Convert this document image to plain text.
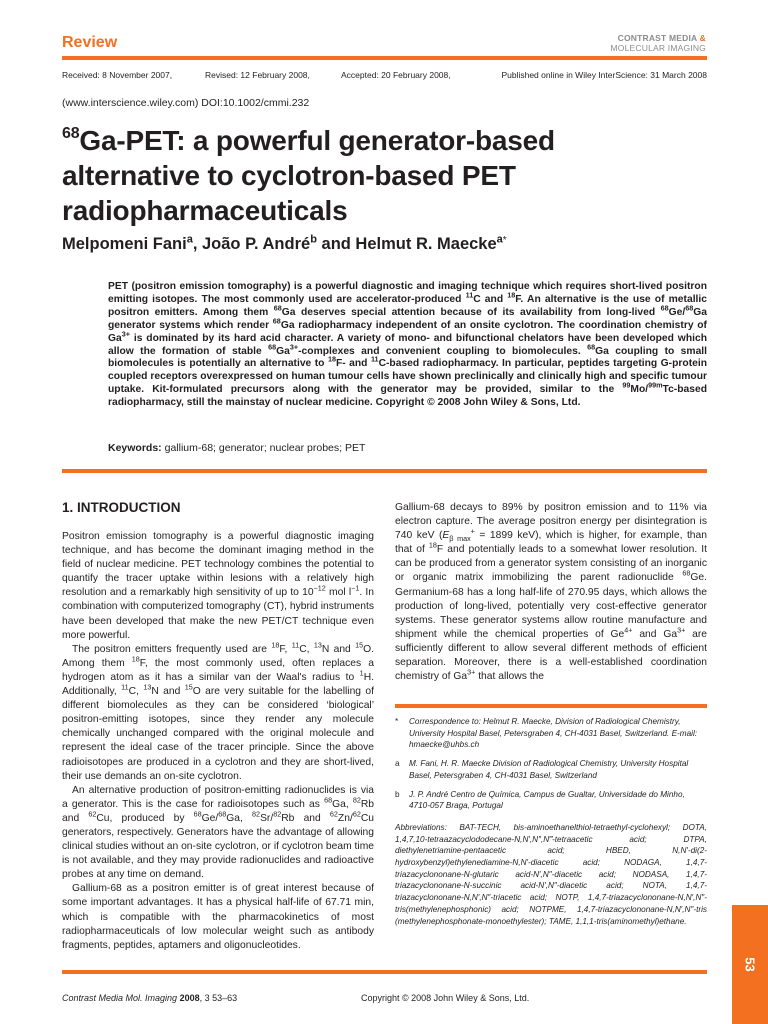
Review	CONTRAST MEDIA &
MOLECULAR IMAGING
Received: 8 November 2007,	Revised: 12 February 2008,	Accepted: 20 February 2008,	Published online in Wiley InterScience: 31 March 2008
(www.interscience.wiley.com) DOI:10.1002/cmmi.232
$^{68}$Ga-PET: a powerful generator-based alternative to cyclotron-based PET radiopharmaceuticals
Melpomeni Fani$^a$, João P. André$^b$ and Helmut R. Maecke$^{a*}$
PET (positron emission tomography) is a powerful diagnostic and imaging technique which requires short-lived positron emitting isotopes. The most commonly used are accelerator-produced $^{11}$C and $^{18}$F. An alternative is the use of metallic positron emitters. Among them $^{68}$Ga deserves special attention because of its availability from long-lived $^{68}$Ge/$^{68}$Ga generator systems which render $^{68}$Ga radiopharmacy independent of an onsite cyclotron. The coordination chemistry of $Ga^{3+}$ is dominated by its hard acid character. A variety of mono- and bifunctional chelators have been developed which allow the formation of stable $^{68}Ga^{3+}$-complexes and convenient coupling to biomolecules. $^{68}$Ga coupling to small biomolecules is potentially an alternative to $^{18}$F- and $^{11}$C-based radiopharmacy. In particular, peptides targeting G-protein coupled receptors overexpressed on human tumour cells have shown preclinically and clinically high and specific tumour uptake. Kit-formulated precursors along with the generator may be provided, similar to the $^{99}$Mo/$^{99m}$Tc-based radiopharmacy, still the mainstay of nuclear medicine. Copyright © 2008 John Wiley & Sons, Ltd.
Keywords: gallium-68; generator; nuclear probes; PET
1. INTRODUCTION

Positron emission tomography is a powerful diagnostic imaging technique, and has become the dominant imaging method in the field of nuclear medicine. PET technology combines the potential to quantify the tracer uptake within lesions with a relatively high resolution and a remarkably high sensitivity of up to $10^{-12}$ mol $l^{-1}$. In combination with computerized tomography (CT), hybrid instruments have been developed that make the new PET/CT technique even more powerful.

The positron emitters frequently used are $^{18}$F, $^{11}$C, $^{13}$N and $^{15}$O. Among them $^{18}$F, the most commonly used, often replaces a hydrogen atom as it has a similar van der Waal's radius to $^1$H. Additionally, $^{11}$C, $^{13}$N and $^{15}$O are very suitable for the labelling of different biomolecules as they can be considered ‘biological’ positron-emitting isotopes, since they render any molecule chemically unchanged compared with the original molecule and represent the ideal case of the tracer principle. Since the above radioisotopes are produced in a cyclotron and they are short-lived, their use demands an on-site cyclotron.

An alternative production of positron-emitting radionuclides is via a generator. This is the case for radioisotopes such as $^{68}$Ga, $^{82}$Rb and $^{62}$Cu, produced by $^{68}$Ge/$^{68}$Ga, $^{82}$Sr/$^{82}$Rb and $^{62}$Zn/$^{62}$Cu generators, respectively. Generators have the advantage of allowing clinical studies without an on-site cyclotron, or if cyclotron beam time is not available, and they may provide radionuclides and radioactive probes at any time on demand.

Gallium-68 as a positron emitter is of great interest because of some important advantages. It has a physical half-life of 67.71 min, which is compatible with the pharmacokinetics of most radiopharmaceuticals of low molecular weight such as antibody fragments, peptides, aptamers and oligonucleotides.

Gallium-68 decays to 89% by positron emission and to 11% via electron capture. The average positron energy per disintegration is 740 keV ($E_{\beta max}^+ = 1899$ keV), which is higher, for example, than that of $^{18}$F and potentially leads to a somewhat lower resolution. It can be produced from a generator system consisting of an inorganic or organic matrix immobilizing the parent radionuclide $^{68}$Ge. Germanium-68 has a long half-life of 270.95 days, which allows the production of long-lived, potentially very cost-effective generator systems. These generator systems allow routine manufacture and shipment while the chemical properties of $Ge^{4+}$ and $Ga^{3+}$ are sufficiently different to allow several different methods of efficient separation. Moreover, there is a well-established coordination chemistry of $Ga^{3+}$ that allows the

*	Correspondence to: Helmut R. Maecke, Division of Radiological Chemistry, University Hospital Basel, Petersgraben 4, CH-4031 Basel, Switzerland. E-mail: hmaecke@uhbs.ch
a	M. Fani, H. R. Maecke Division of Radiological Chemistry, University Hospital Basel, Petersgraben 4, CH-4031 Basel, Switzerland
b	J. P. André Centro de Química, Campus de Gualtar, Universidade do Minho, 4710-057 Braga, Portugal
Abbreviations: BAT-TECH, bis-aminoethanelthiol-tetraethyl-cyclohexyl; DOTA, 1,4,7,10-tetraazacyclododecane-N,N′,N″,N‴-tetraacetic acid; DTPA, diethylenetriamine-pentaacetic acid; HBED, N,N′-di(2-hydroxybenzyl)ethylenediamine-N,N′-diacetic acid; NODAGA, 1,4,7-triazacyclononane-N-glutaric acid-N′,N″-diacetic acid; NODASA, 1,4,7-triazacyclononane-N-succinic acid-N′,N″-diacetic acid; NOTA, 1,4,7-triazacyclononane-N,N′,N″-triacetic acid; NOTP, 1,4,7-triazacyclononane-N,N′,N″-tris(methylenephosphonic) acid; NOTPME, 1,4,7-triazacyclononane-N,N′,N″-tris (methylenephosphonate-monoethylester); TAME, 1,1,1-tris(aminomethyl)ethane.
Contrast Media Mol. Imaging 2008, 3 53–63	Copyright © 2008 John Wiley & Sons, Ltd.
53
